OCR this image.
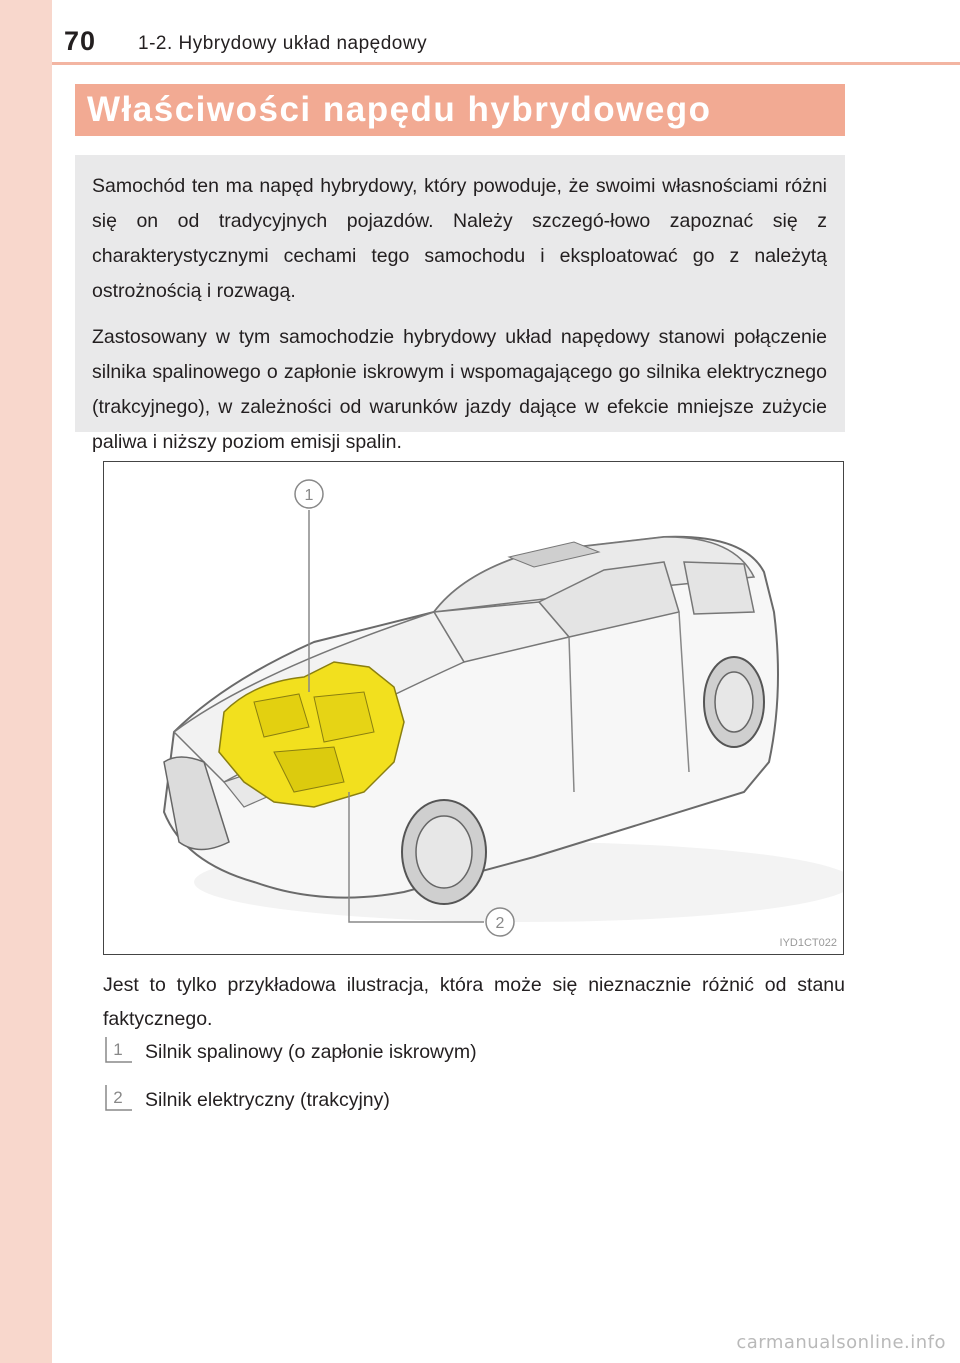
70 1-2. Hybrydowy układ napędowy
Właściwości napędu hybrydowego

Samochód ten ma napęd hybrydowy, który powoduje, że swoimi własnościami różni się on od tradycyjnych pojazdów. Należy szczegó-łowo zapoznać się z charakterystycznymi cechami tego samochodu i eksploatować go z należytą ostrożnością i rozwagą.

Zastosowany w tym samochodzie hybrydowy układ napędowy stanowi połączenie silnika spalinowego o zapłonie iskrowym i wspomagającego go silnika elektrycznego (trakcyjnego), w zależności od warunków jazdy dające w efekcie mniejsze zużycie paliwa i niższy poziom emisji spalin.

1
2
IYD1CT022
Jest to tylko przykładowa ilustracja, która może się nieznacznie różnić od stanu faktycznego.
1 Silnik spalinowy (o zapłonie iskrowym)
2 Silnik elektryczny (trakcyjny)
carmanualsonline.info
